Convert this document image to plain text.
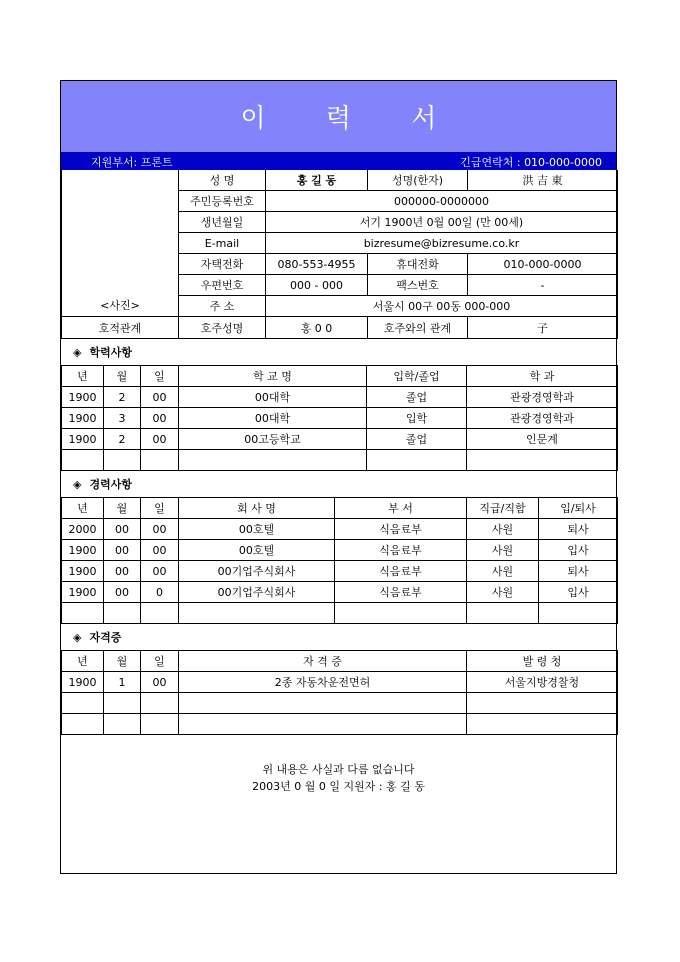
이 력 서
지원부서: 프론트	긴급연락처 : 010-000-0000
<사진>	성 명	홍 길 동	성명(한자)	洪 吉 東
	주민등록번호	000000-0000000		
	생년월일	서기 1900년 0월 00일 (만 00세)		
	E-mail	bizresume@bizresume.co.kr		
	자택전화	080-553-4955	휴대전화	010-000-0000
	우편번호	000 - 000	팩스번호	-
	주 소	서울시 00구 00동 000-000		
호적관계	호주성명	홍 0 0	호주와의 관계	子
◈ 학력사항
년	월	일	학 교 명	입학/졸업	학 과
1900	2	00	00대학	졸업	관광경영학과
1900	3	00	00대학	입학	관광경영학과
1900	2	00	00고등학교	졸업	인문계

◈ 경력사항
년	월	일	회 사 명	부 서	직급/직함	입/퇴사
2000	00	00	00호텔	식음료부	사원	퇴사
1900	00	00	00호텔	식음료부	사원	입사
1900	00	00	00기업주식회사	식음료부	사원	퇴사
1900	00	0	00기업주식회사	식음료부	사원	입사

◈ 자격증
년	월	일	자 격 증	발 령 청
1900	1	00	2종 자동차운전면허	서울지방경찰청

위 내용은 사실과 다름 없습니다
2003년 0 월 0 일 지원자 : 홍 길 동
